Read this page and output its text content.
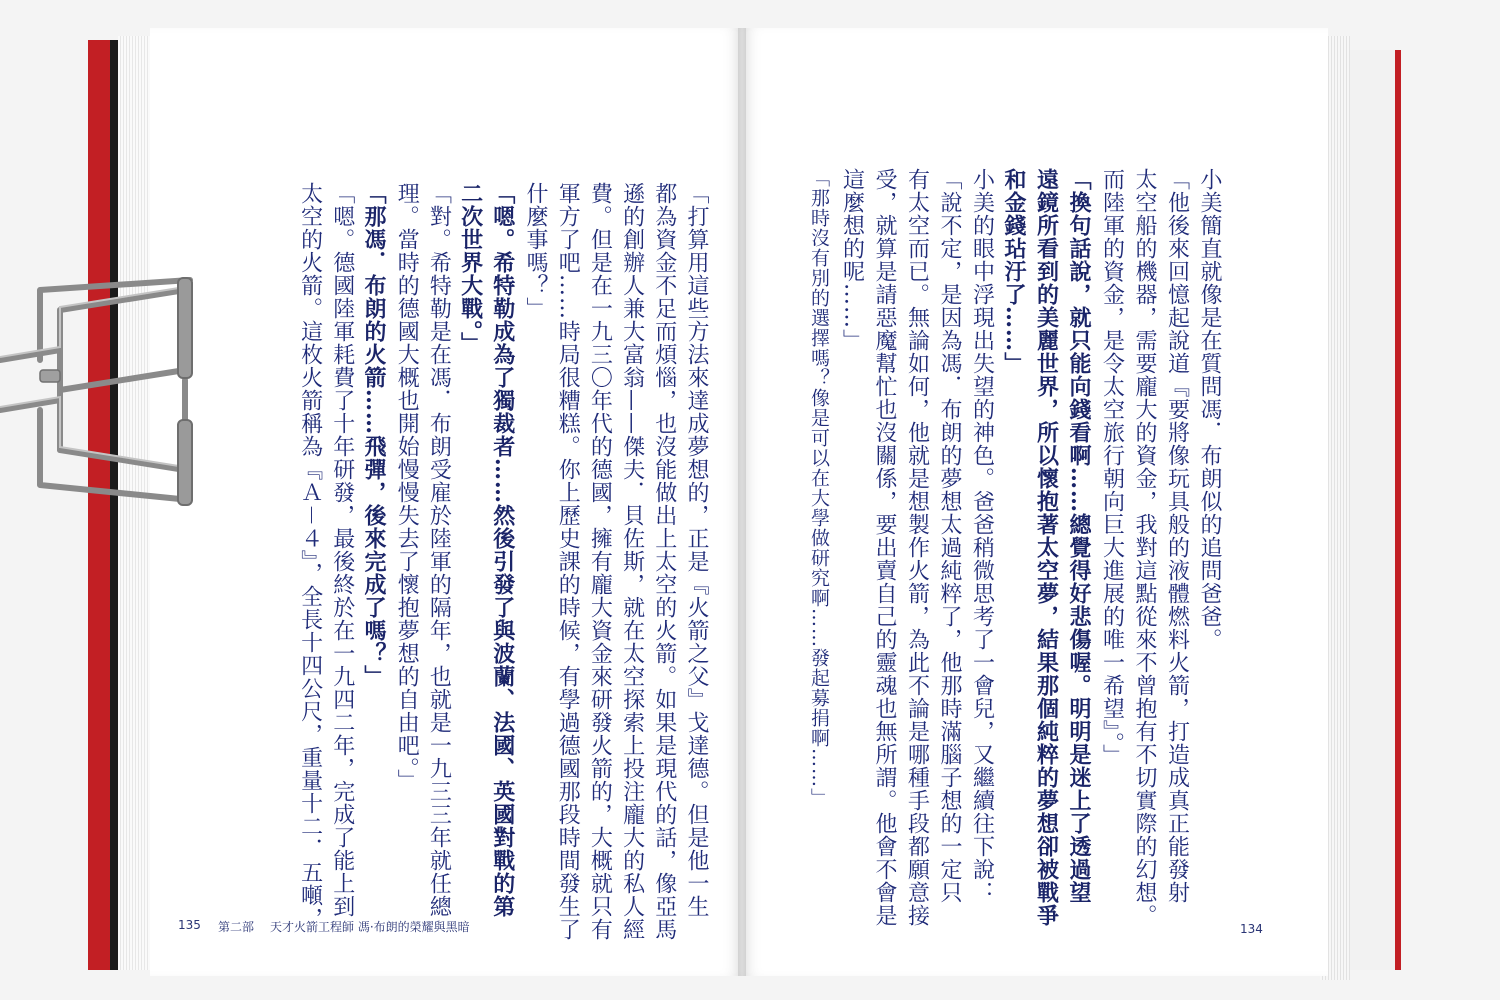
「打算用這些方法來達成夢想的，正是『火箭之父』戈達德。但是他一生
都為資金不足而煩惱，也沒能做出上太空的火箭。如果是現代的話，像亞馬
遜的創辦人兼大富翁——傑夫．貝佐斯，就在太空探索上投注龐大的私人經
費。但是在一九三〇年代的德國，擁有龐大資金來研發火箭的，大概就只有
軍方了吧……時局很糟糕。你上歷史課的時候，有學過德國那段時間發生了
什麼事嗎？」
「嗯。希特勒成為了獨裁者……然後引發了與波蘭、法國、英國對戰的第
二次世界大戰。」
「對。希特勒是在馮．布朗受雇於陸軍的隔年，也就是一九三三年就任總
理。當時的德國大概也開始慢慢失去了懷抱夢想的自由吧。」
「那馮．布朗的火箭……飛彈，後來完成了嗎？」
「嗯。德國陸軍耗費了十年研發，最後終於在一九四二年，完成了能上到
太空的火箭。這枚火箭稱為『Ａ－４』，全長十四公尺，重量十二．五噸，	小美簡直就像是在質問馮．布朗似的追問爸爸。
「他後來回憶起說道『要將像玩具般的液體燃料火箭，打造成真正能發射
太空船的機器，需要龐大的資金，我對這點從來不曾抱有不切實際的幻想。
而陸軍的資金，是令太空旅行朝向巨大進展的唯一希望』。」
「換句話說，就只能向錢看啊……總覺得好悲傷喔。明明是迷上了透過望
遠鏡所看到的美麗世界，所以懷抱著太空夢，結果那個純粹的夢想卻被戰爭
和金錢玷汙了……」
小美的眼中浮現出失望的神色。爸爸稍微思考了一會兒，又繼續往下說：
「說不定，是因為馮．布朗的夢想太過純粹了，他那時滿腦子想的一定只
有太空而已。無論如何，他就是想製作火箭，為此不論是哪種手段都願意接
受，就算是請惡魔幫忙也沒關係，要出賣自己的靈魂也無所謂。他會不會是
這麼想的呢……」
「那時沒有別的選擇嗎？像是可以在大學做研究啊……發起募捐啊……」
135 第二部 天才火箭工程師 馮·布朗的榮耀與黑暗	134
